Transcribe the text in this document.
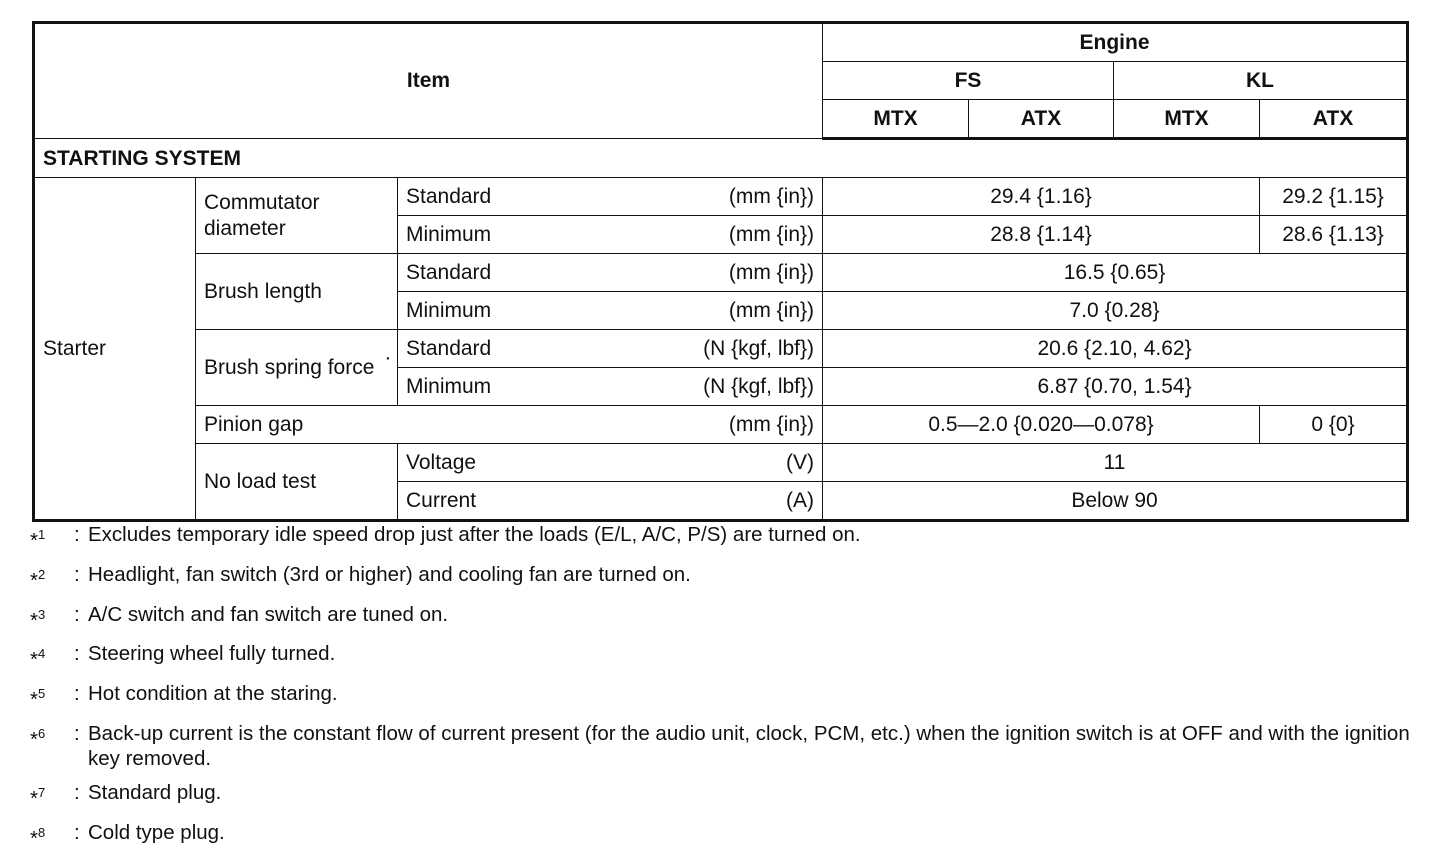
Item			Engine			
			FS		KL	
			MTX	ATX	MTX	ATX
STARTING SYSTEM						
Starter	Commutator diameter	Standard (mm {in})	29.4 {1.16}			29.2 {1.15}
		Minimum (mm {in})	28.8 {1.14}			28.6 {1.13}
	Brush length	Standard (mm {in})	16.5 {0.65}			
		Minimum (mm {in})	7.0 {0.28}			
	Brush spring force ·	Standard (N {kgf, lbf})	20.6 {2.10, 4.62}			
		Minimum (N {kgf, lbf})	6.87 {0.70, 1.54}			
	Pinion gap (mm {in})		0.5—2.0 {0.020—0.078}			0 {0}
	No load test	Voltage (V)	11			
		Current (A)	Below 90			
*$^1$	: Excludes temporary idle speed drop just after the loads (E/L, A/C, P/S) are turned on.
*$^2$	: Headlight, fan switch (3rd or higher) and cooling fan are turned on.
*$^3$	: A/C switch and fan switch are tuned on.
*$^4$	: Steering wheel fully turned.
*$^5$	: Hot condition at the staring.
*$^6$	: Back-up current is the constant flow of current present (for the audio unit, clock, PCM, etc.) when the ignition switch is at OFF and with the ignition key removed.
*$^7$	: Standard plug.
*$^8$	: Cold type plug.
